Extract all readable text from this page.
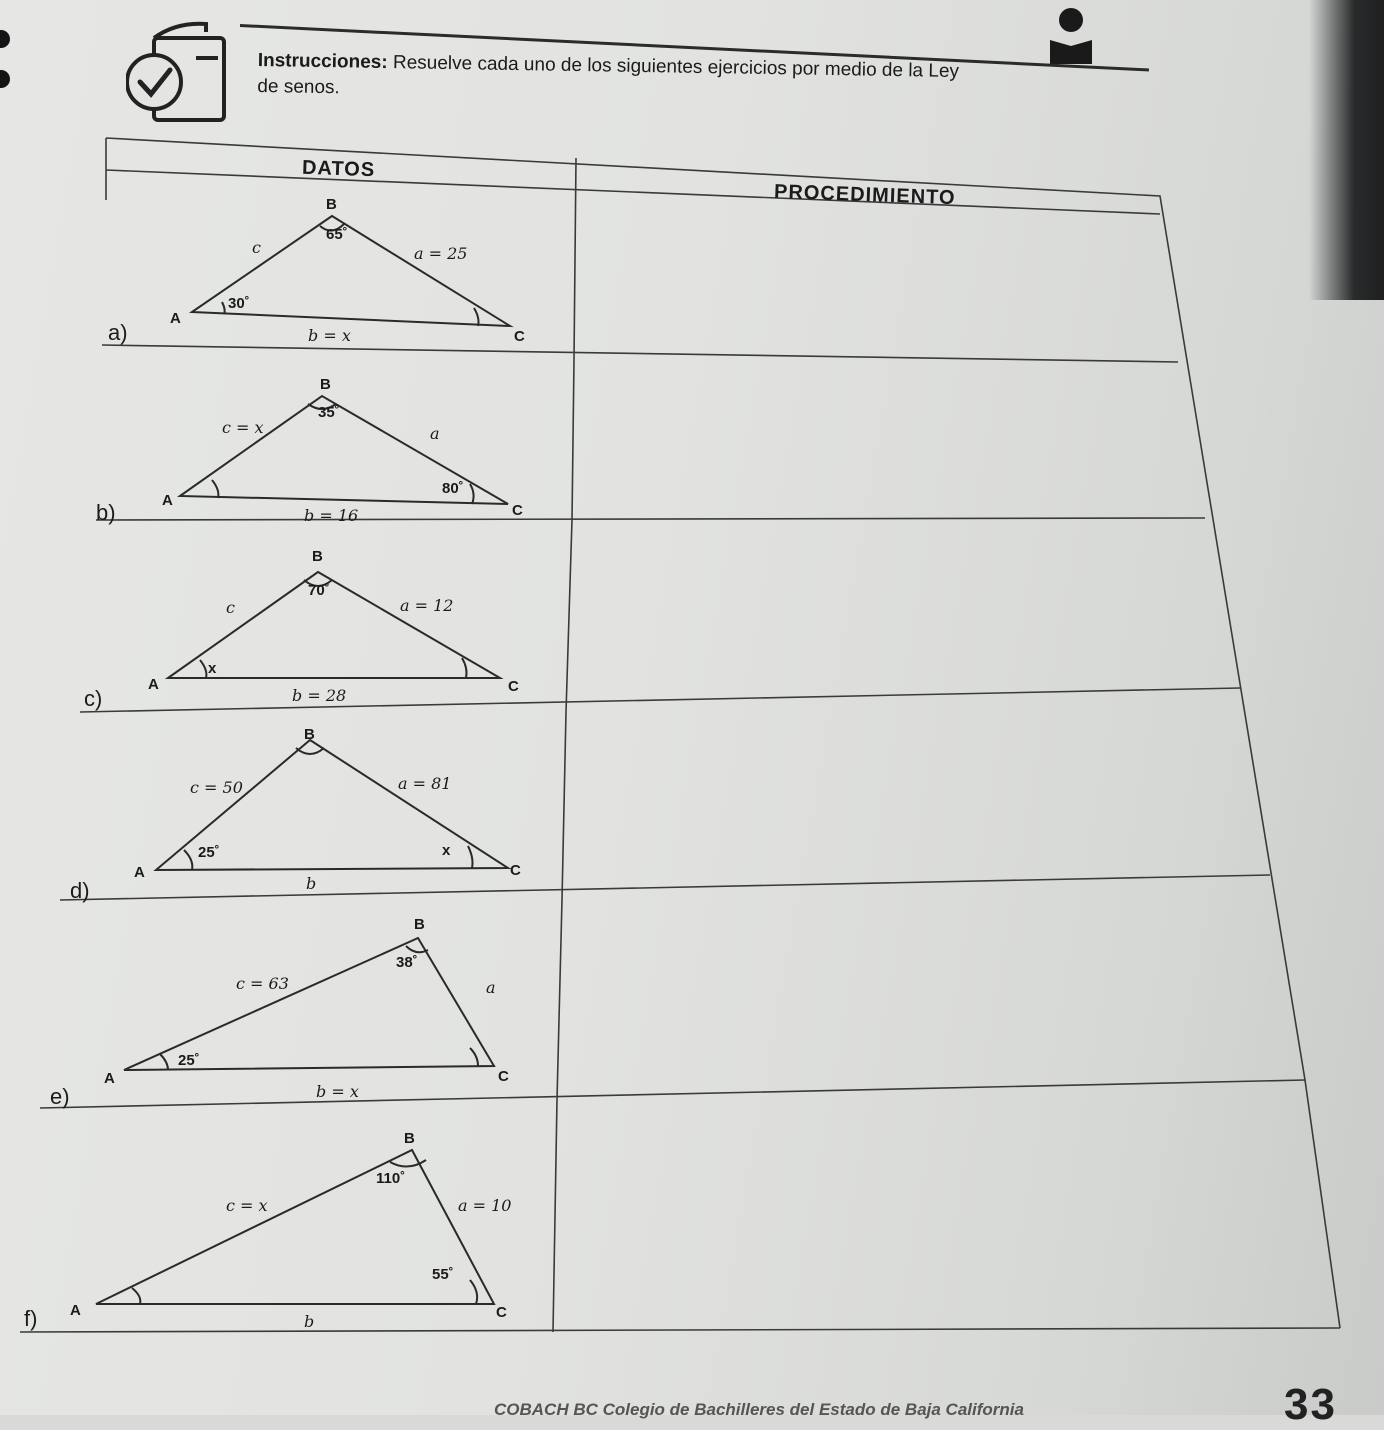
Instrucciones: Resuelve cada uno de los siguientes ejercicios por medio de la Ley
de senos.
DATOS
PROCEDIMIENTO
a)
B
A
C
65˚
30˚
c	a = 25
b = x
b)
B
A
C
35˚
80˚
c = x	a
b = 16
c)
B
A	C
70˚
x
c	a = 12
b = 28
d)
B
A	C
25˚	x
c = 50	a = 81
b
e)
B
A	C
38˚
25˚
c = 63	a
b = x
f)
B
A	C
110˚
55˚
c = x	a = 10
b
COBACH BC Colegio de Bachilleres del Estado de Baja California	33
